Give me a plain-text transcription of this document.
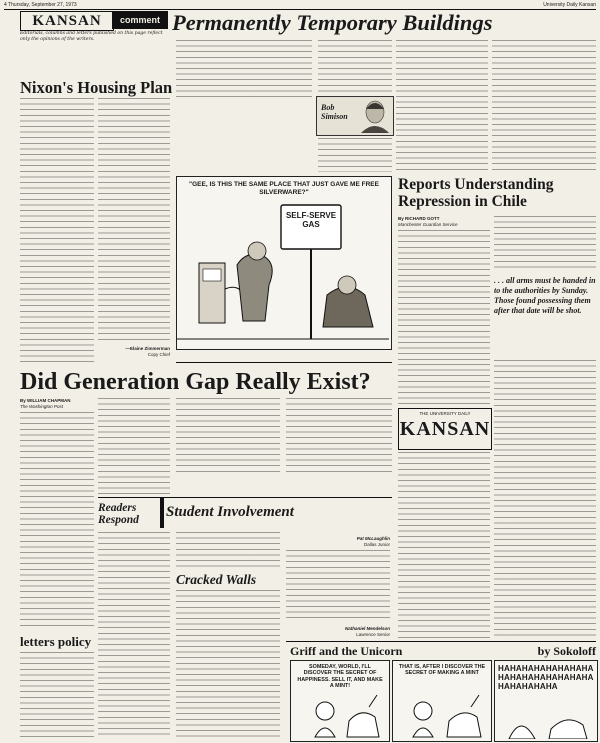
4 Thursday, September 27, 1973	University Daily Kansan
KANSAN	comment
Editorials, columns and letters published on this page reflect only the opinions of the writers.
Permanently Temporary Buildings
Nixon's Housing Plan
—Elaine Zimmerman
Copy Chief
Bob
Simison
"GEE, IS THIS THE SAME PLACE THAT JUST GAVE ME FREE SILVERWARE?"
SELF-SERVE GAS
Reports Understanding Repression in Chile
By RICHARD GOTT
Manchester Guardian Service
. . . all arms must be handed in to the authorities by Sunday. Those found possessing them after that date will be shot.
Did Generation Gap Really Exist?
By WILLIAM CHAPMAN
The Washington Post
THE UNIVERSITY DAILY
KANSAN
letters policy
Readers Respond	Student Involvement
Pat McLaughlin
Dallas Junior
Cracked Walls
Nathaniel Mendelson
Lawrence Senior
Griff and the Unicorn	by Sokoloff
SOMEDAY, WORLD, I'LL DISCOVER THE SECRET OF HAPPINESS. SELL IT, AND MAKE A MINT!
THAT IS, AFTER I DISCOVER THE SECRET OF MAKING A MINT
HAHAHAHAHAHAHAHAHAHAHAHAHAHAHAHAHAHAHAHAHA
